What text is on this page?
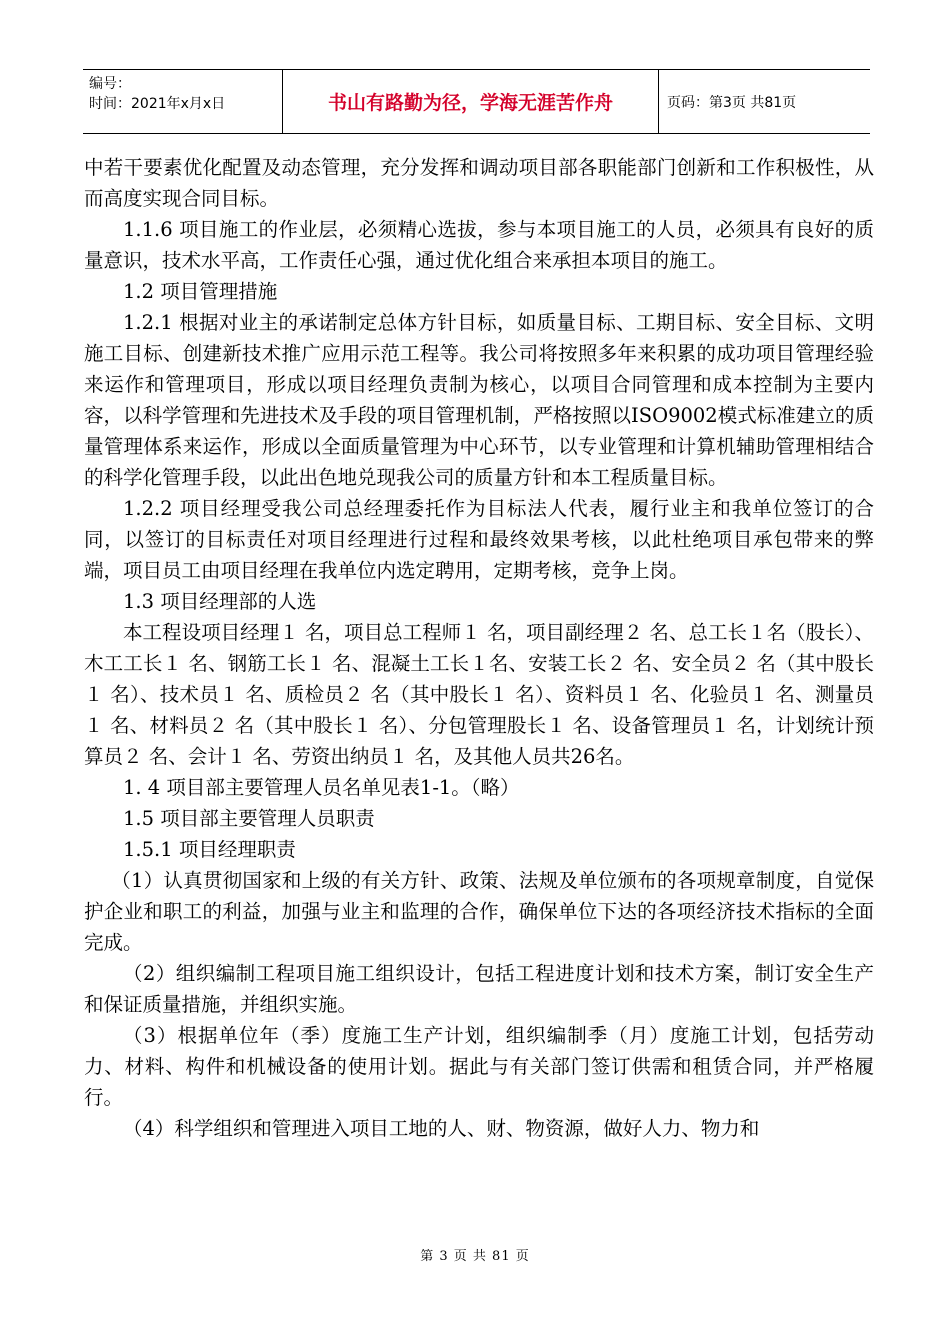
编号：
时间：2021年x月x日	书山有路勤为径，学海无涯苦作舟	页码：第3页 共81页

中若干要素优化配置及动态管理，充分发挥和调动项目部各职能部门创新和工作积极性，从而高度实现合同目标。

1.1.6 项目施工的作业层，必须精心选拔，参与本项目施工的人员，必须具有良好的质量意识，技术水平高，工作责任心强，通过优化组合来承担本项目的施工。

1.2 项目管理措施

1.2.1 根据对业主的承诺制定总体方针目标，如质量目标、工期目标、安全目标、文明施工目标、创建新技术推广应用示范工程等。我公司将按照多年来积累的成功项目管理经验来运作和管理项目，形成以项目经理负责制为核心，以项目合同管理和成本控制为主要内容，以科学管理和先进技术及手段的项目管理机制，严格按照以ISO9002模式标准建立的质量管理体系来运作，形成以全面质量管理为中心环节，以专业管理和计算机辅助管理相结合的科学化管理手段，以此出色地兑现我公司的质量方针和本工程质量目标。

1.2.2 项目经理受我公司总经理委托作为目标法人代表，履行业主和我单位签订的合同，以签订的目标责任对项目经理进行过程和最终效果考核，以此杜绝项目承包带来的弊端，项目员工由项目经理在我单位内选定聘用，定期考核，竞争上岗。

1.3 项目经理部的人选

本工程设项目经理１ 名，项目总工程师１ 名，项目副经理２ 名、总工长１名（股长）、木工工长１ 名、钢筋工长１ 名、混凝土工长１名、安装工长２ 名、安全员２ 名（其中股长１ 名）、技术员１ 名、质检员２ 名（其中股长１ 名）、资料员１ 名、化验员１ 名、测量员１ 名、材料员２ 名（其中股长１ 名）、分包管理股长１ 名、设备管理员１ 名，计划统计预算员２ 名、会计１ 名、劳资出纳员１ 名，及其他人员共26名。

1. 4 项目部主要管理人员名单见表1-1。（略）

1.5 项目部主要管理人员职责

1.5.1 项目经理职责

（1）认真贯彻国家和上级的有关方针、政策、法规及单位颁布的各项规章制度，自觉保护企业和职工的利益，加强与业主和监理的合作，确保单位下达的各项经济技术指标的全面完成。

（2）组织编制工程项目施工组织设计，包括工程进度计划和技术方案，制订安全生产和保证质量措施，并组织实施。

（3）根据单位年（季）度施工生产计划，组织编制季（月）度施工计划，包括劳动力、材料、构件和机械设备的使用计划。据此与有关部门签订供需和租赁合同，并严格履行。

（4）科学组织和管理进入项目工地的人、财、物资源，做好人力、物力和

第 3 页 共 81 页
